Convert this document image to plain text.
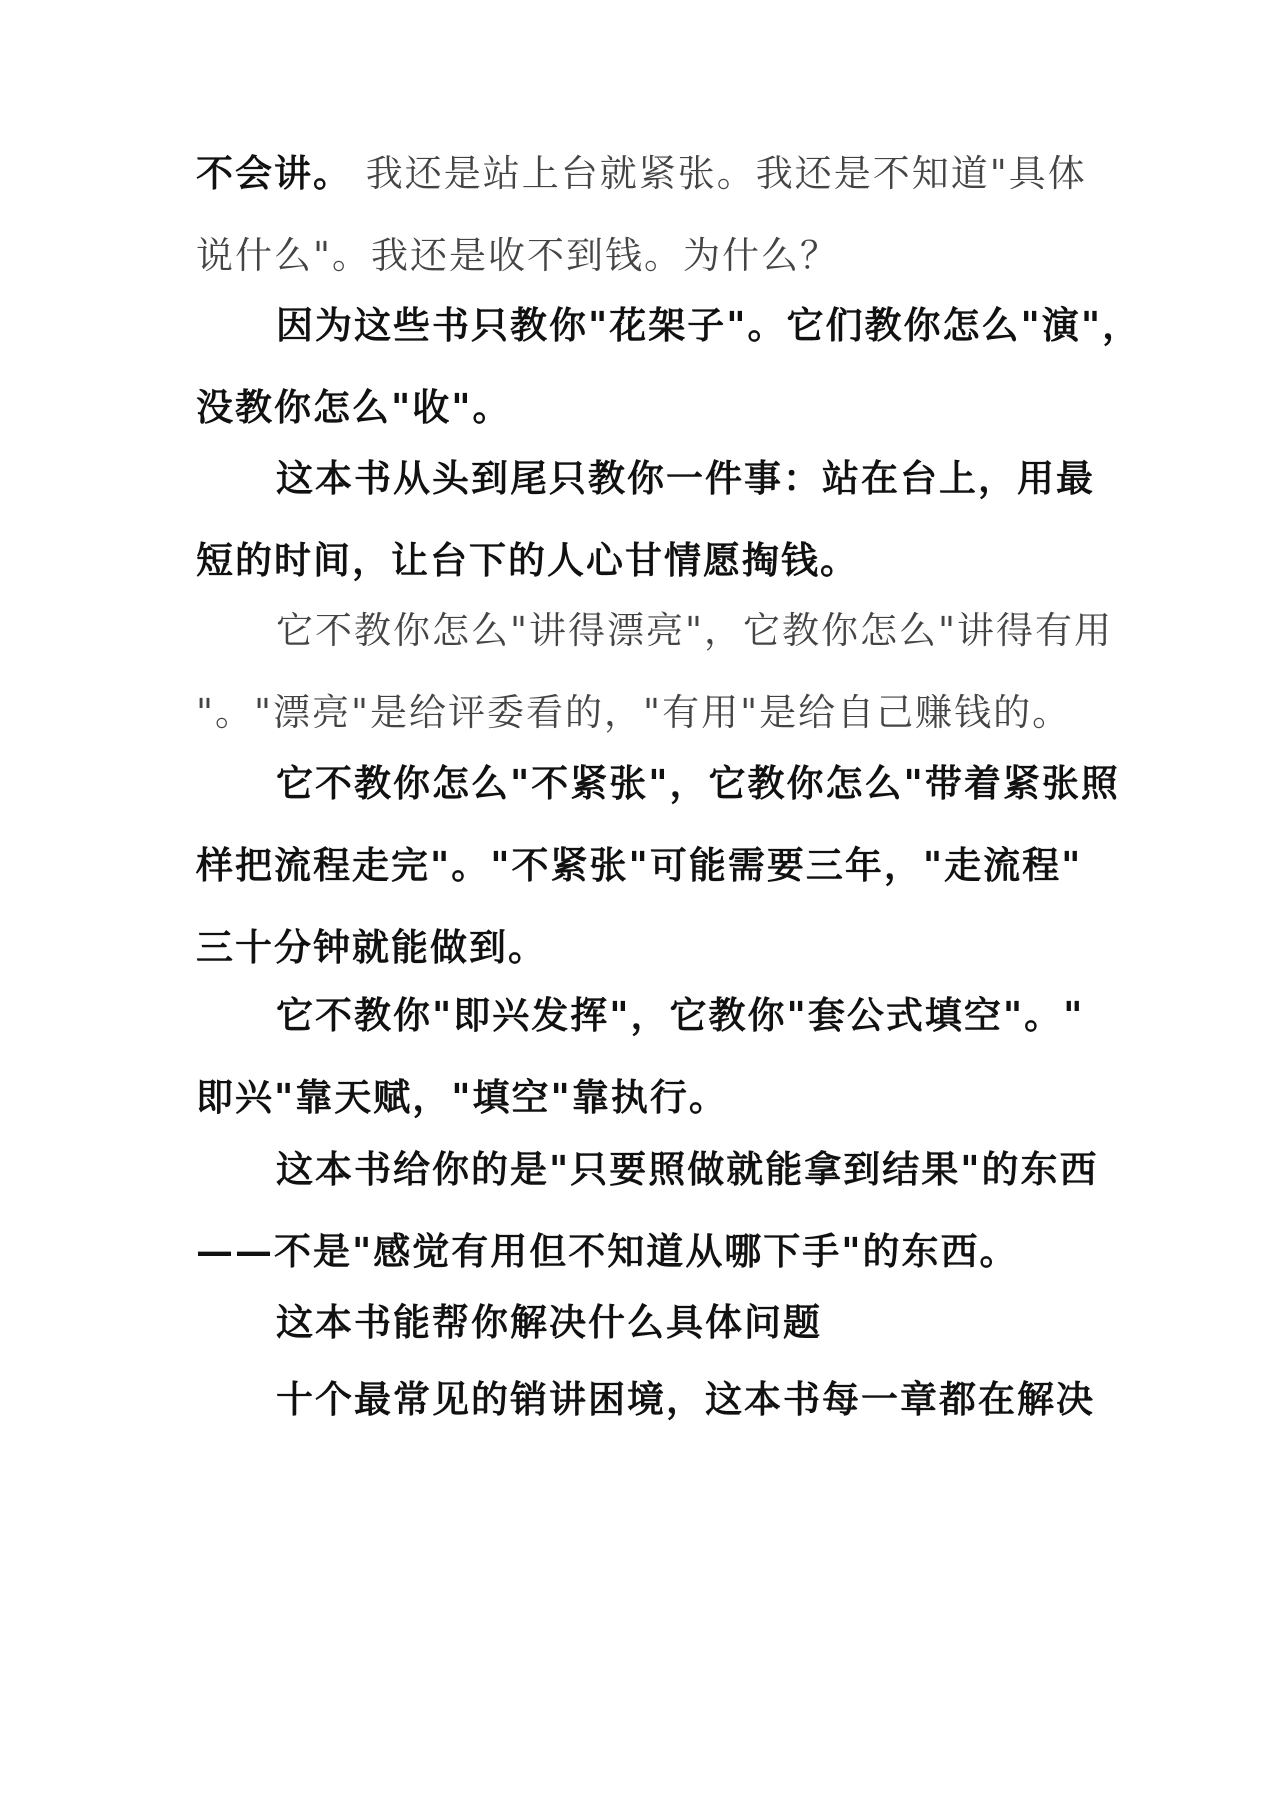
不会讲。 我还是站上台就紧张。我还是不知道"具体
说什么"。我还是收不到钱。为什么？
因为这些书只教你"花架子"。它们教你怎么"演"，
没教你怎么"收"。
这本书从头到尾只教你一件事：站在台上，用最
短的时间，让台下的人心甘情愿掏钱。
它不教你怎么"讲得漂亮"，它教你怎么"讲得有用
"。"漂亮"是给评委看的，"有用"是给自己赚钱的。
它不教你怎么"不紧张"，它教你怎么"带着紧张照
样把流程走完"。"不紧张"可能需要三年，"走流程"
三十分钟就能做到。
它不教你"即兴发挥"，它教你"套公式填空"。"
即兴"靠天赋，"填空"靠执行。
这本书给你的是"只要照做就能拿到结果"的东西
——不是"感觉有用但不知道从哪下手"的东西。
这本书能帮你解决什么具体问题
十个最常见的销讲困境，这本书每一章都在解决
